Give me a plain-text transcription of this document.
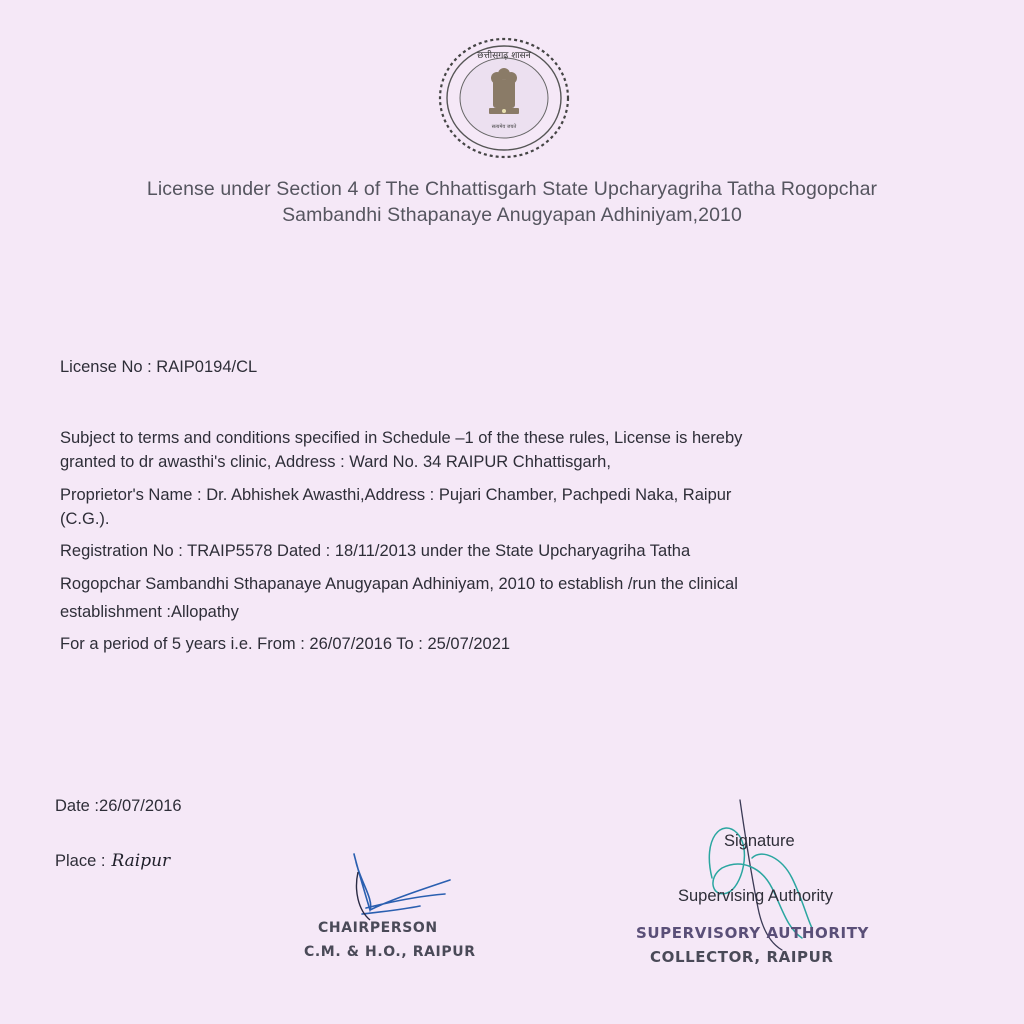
छत्तीसगढ़ शासन
सत्यमेव जयते
License under Section 4 of The Chhattisgarh State Upcharyagriha Tatha Rogopchar
Sambandhi Sthapanaye Anugyapan Adhiniyam,2010
License No : RAIP0194/CL
Subject to terms and conditions specified in Schedule –1 of the these rules, License is hereby
granted to dr awasthi's clinic, Address : Ward No. 34 RAIPUR Chhattisgarh,
Proprietor's Name : Dr. Abhishek Awasthi,Address : Pujari Chamber, Pachpedi Naka, Raipur
(C.G.).
Registration No : TRAIP5578 Dated : 18/11/2013 under the State Upcharyagriha Tatha
Rogopchar Sambandhi Sthapanaye Anugyapan Adhiniyam, 2010 to establish /run the clinical
establishment :Allopathy
For a period of 5 years i.e. From : 26/07/2016 To : 25/07/2021
Date :26/07/2016
Place : Raipur
CHAIRPERSON
C.M. & H.O., RAIPUR
Signature
Supervising Authority
SUPERVISORY AUTHORITY
COLLECTOR, RAIPUR
